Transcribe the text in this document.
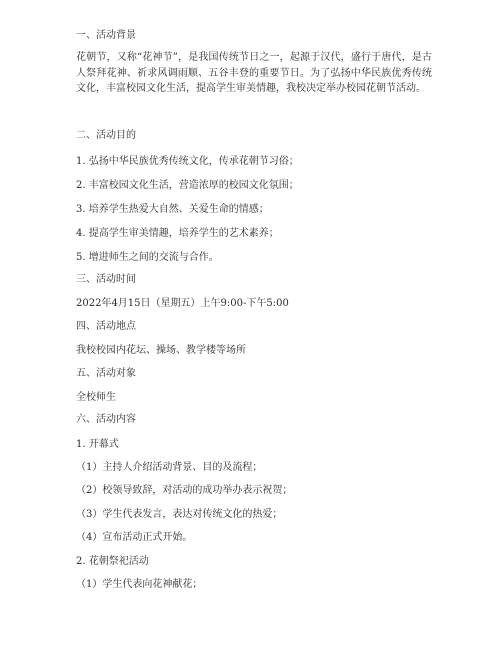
一、活动背景
花朝节，又称“花神节”，是我国传统节日之一，起源于汉代，盛行于唐代，是古人祭拜花神、祈求风调雨顺、五谷丰登的重要节日。为了弘扬中华民族优秀传统文化，丰富校园文化生活，提高学生审美情趣，我校决定举办校园花朝节活动。
二、活动目的
1. 弘扬中华民族优秀传统文化，传承花朝节习俗；
2. 丰富校园文化生活，营造浓厚的校园文化氛围；
3. 培养学生热爱大自然、关爱生命的情感；
4. 提高学生审美情趣，培养学生的艺术素养；
5. 增进师生之间的交流与合作。
三、活动时间
2022年4月15日（星期五）上午9:00-下午5:00
四、活动地点
我校校园内花坛、操场、教学楼等场所
五、活动对象
全校师生
六、活动内容
1. 开幕式
（1）主持人介绍活动背景、目的及流程；
（2）校领导致辞，对活动的成功举办表示祝贺；
（3）学生代表发言，表达对传统文化的热爱；
（4）宣布活动正式开始。
2. 花朝祭祀活动
（1）学生代表向花神献花；
